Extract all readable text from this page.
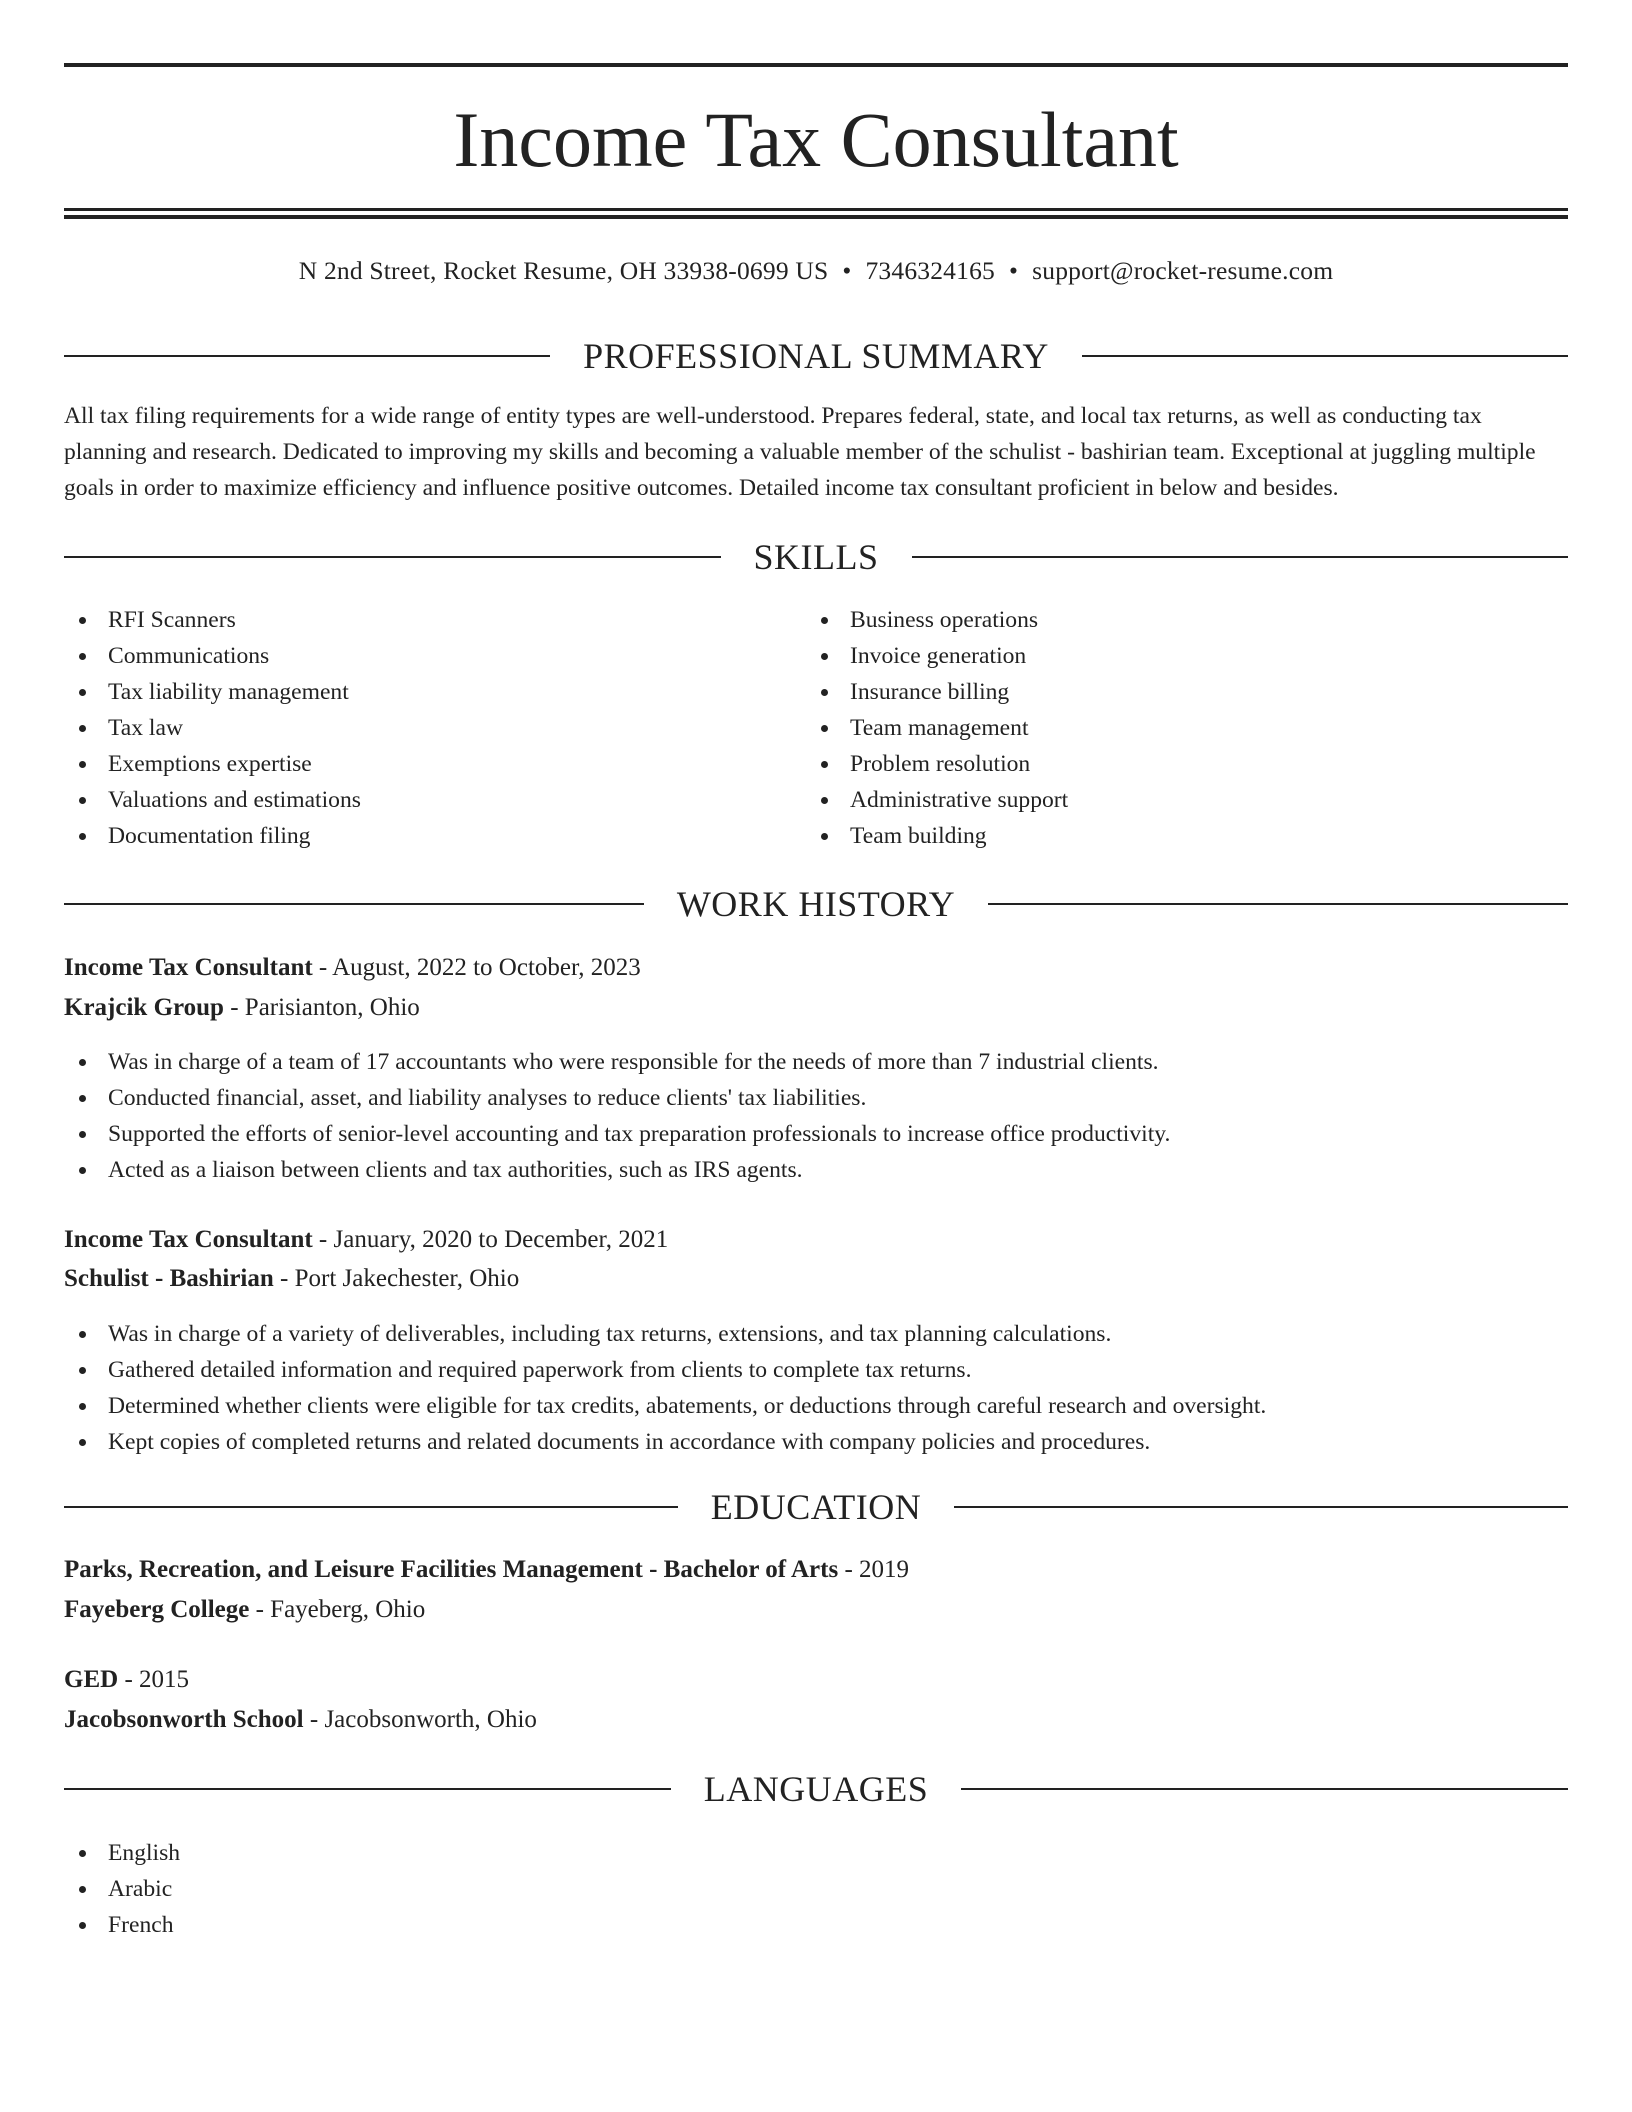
Income Tax Consultant
N 2nd Street, Rocket Resume, OH 33938-0699 US • 7346324165 • support@rocket-resume.com
PROFESSIONAL SUMMARY

All tax filing requirements for a wide range of entity types are well-understood. Prepares federal, state, and local tax returns, as well as conducting tax planning and research. Dedicated to improving my skills and becoming a valuable member of the schulist - bashirian team. Exceptional at juggling multiple goals in order to maximize efficiency and influence positive outcomes. Detailed income tax consultant proficient in below and besides.

SKILLS
RFI Scanners
Communications
Tax liability management
Tax law
Exemptions expertise
Valuations and estimations
Documentation filing
Business operations
Invoice generation
Insurance billing
Team management
Problem resolution
Administrative support
Team building
WORK HISTORY
Income Tax Consultant - August, 2022 to October, 2023
Krajcik Group - Parisianton, Ohio
Was in charge of a team of 17 accountants who were responsible for the needs of more than 7 industrial clients.
Conducted financial, asset, and liability analyses to reduce clients' tax liabilities.
Supported the efforts of senior-level accounting and tax preparation professionals to increase office productivity.
Acted as a liaison between clients and tax authorities, such as IRS agents.
Income Tax Consultant - January, 2020 to December, 2021
Schulist - Bashirian - Port Jakechester, Ohio
Was in charge of a variety of deliverables, including tax returns, extensions, and tax planning calculations.
Gathered detailed information and required paperwork from clients to complete tax returns.
Determined whether clients were eligible for tax credits, abatements, or deductions through careful research and oversight.
Kept copies of completed returns and related documents in accordance with company policies and procedures.
EDUCATION
Parks, Recreation, and Leisure Facilities Management - Bachelor of Arts - 2019
Fayeberg College - Fayeberg, Ohio
GED - 2015
Jacobsonworth School - Jacobsonworth, Ohio
LANGUAGES
English
Arabic
French
